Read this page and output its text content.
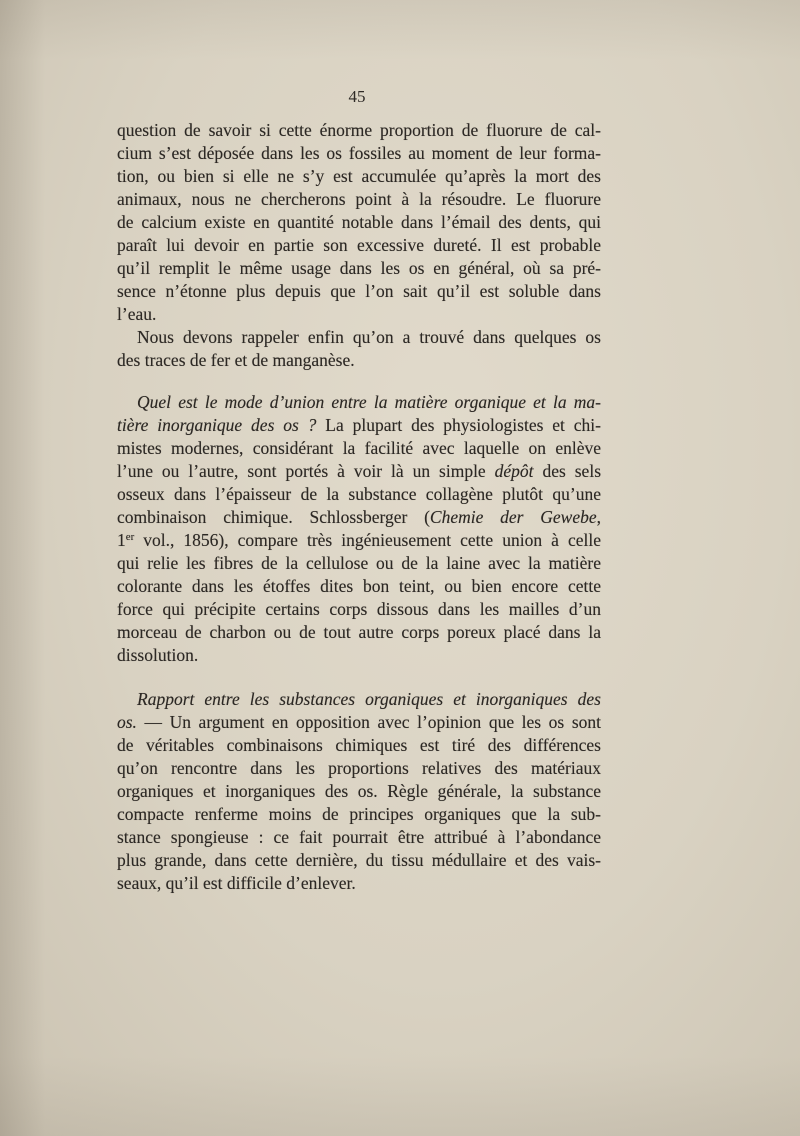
45
question de savoir si cette énorme proportion de fluorure de cal-
cium s’est déposée dans les os fossiles au moment de leur forma-
tion, ou bien si elle ne s’y est accumulée qu’après la mort des
animaux, nous ne chercherons point à la résoudre. Le fluorure
de calcium existe en quantité notable dans l’émail des dents, qui
paraît lui devoir en partie son excessive dureté. Il est probable
qu’il remplit le même usage dans les os en général, où sa pré-
sence n’étonne plus depuis que l’on sait qu’il est soluble dans
l’eau.
Nous devons rappeler enfin qu’on a trouvé dans quelques os
des traces de fer et de manganèse.
Quel est le mode d’union entre la matière organique et la ma-
tière inorganique des os ? La plupart des physiologistes et chi-
mistes modernes, considérant la facilité avec laquelle on enlève
l’une ou l’autre, sont portés à voir là un simple dépôt des sels
osseux dans l’épaisseur de la substance collagène plutôt qu’une
combinaison chimique. Schlossberger (Chemie der Gewebe,
1er vol., 1856), compare très ingénieusement cette union à celle
qui relie les fibres de la cellulose ou de la laine avec la matière
colorante dans les étoffes dites bon teint, ou bien encore cette
force qui précipite certains corps dissous dans les mailles d’un
morceau de charbon ou de tout autre corps poreux placé dans la
dissolution.
Rapport entre les substances organiques et inorganiques des
os. — Un argument en opposition avec l’opinion que les os sont
de véritables combinaisons chimiques est tiré des différences
qu’on rencontre dans les proportions relatives des matériaux
organiques et inorganiques des os. Règle générale, la substance
compacte renferme moins de principes organiques que la sub-
stance spongieuse : ce fait pourrait être attribué à l’abondance
plus grande, dans cette dernière, du tissu médullaire et des vais-
seaux, qu’il est difficile d’enlever.
